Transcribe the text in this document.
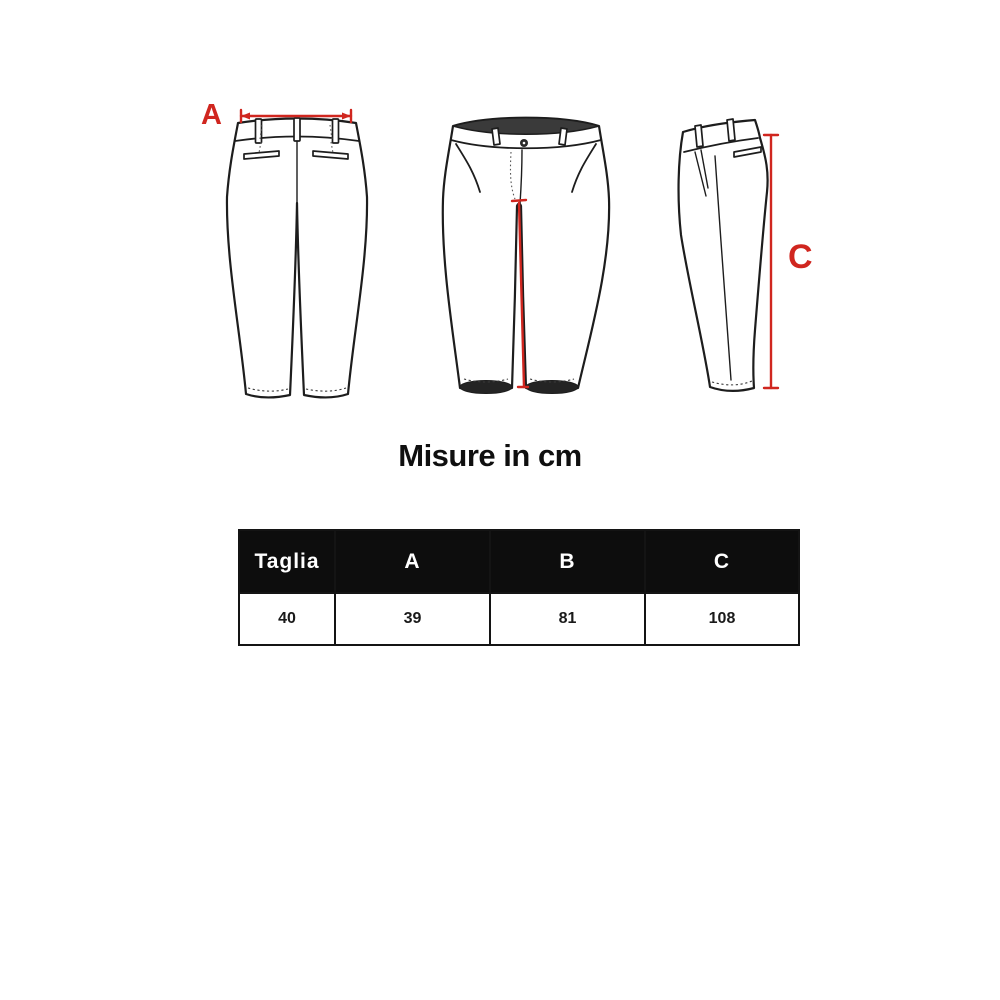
A
C
Misure in cm
Taglia	A	B	C
40	39	81	108
